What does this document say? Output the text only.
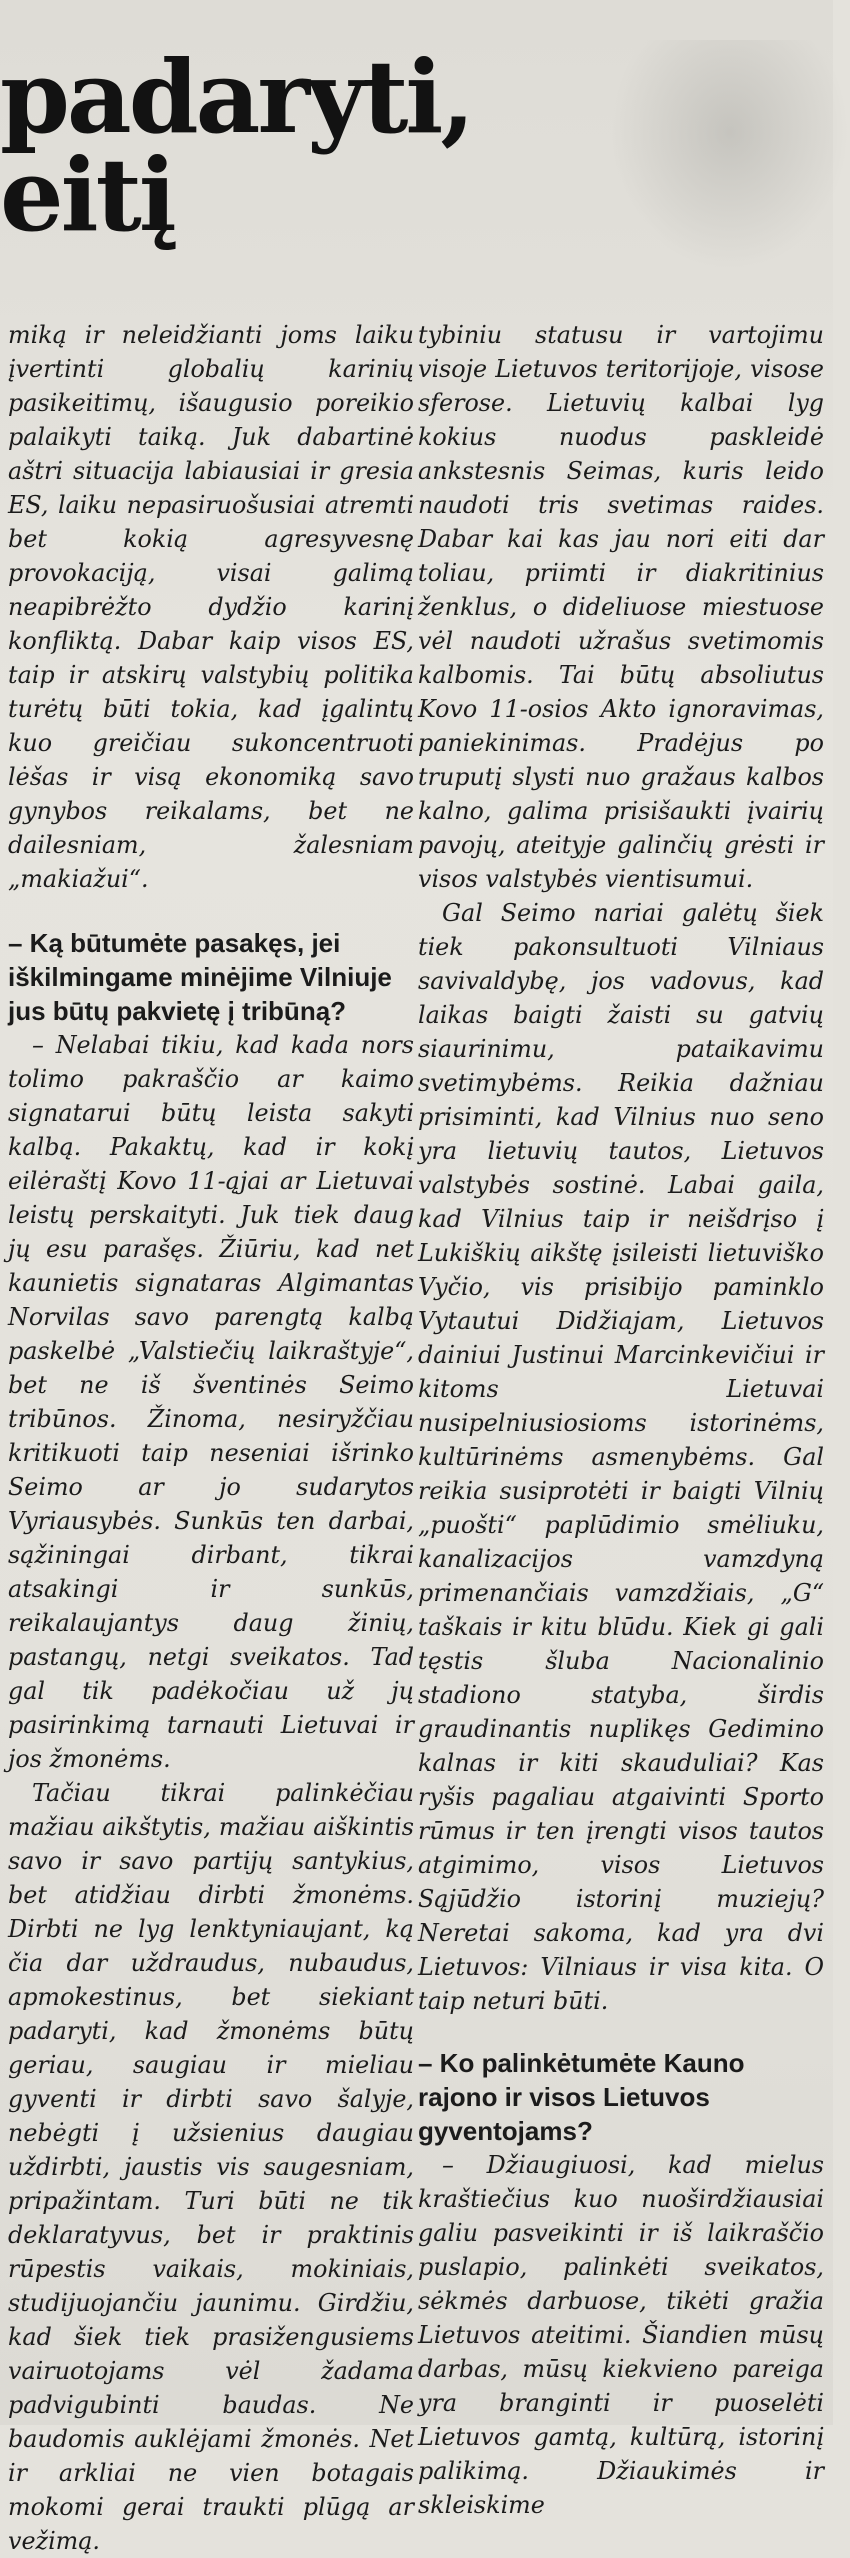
padaryti,
eitį

miką ir neleidžianti joms laiku įvertinti globalių karinių pasikeitimų, išaugusio poreikio palaikyti taiką. Juk dabartinė aštri situacija labiausiai ir gresia ES, laiku nepasiruošusiai atremti bet kokią agresyvesnę provokaciją, visai galimą neapibrėžto dydžio karinį konfliktą. Dabar kaip visos ES, taip ir atskirų valstybių politika turėtų būti tokia, kad įgalintų kuo greičiau sukoncentruoti lėšas ir visą ekonomiką savo gynybos reikalams, bet ne dailesniam, žalesniam „makiažui“.

– Ką būtumėte pasakęs, jei iškilmingame minėjime Vilniuje jus būtų pakvietę į tribūną?

– Nelabai tikiu, kad kada nors tolimo pakraščio ar kaimo signatarui būtų leista sakyti kalbą. Pakaktų, kad ir kokį eilėraštį Kovo 11-ąjai ar Lietuvai leistų perskaityti. Juk tiek daug jų esu parašęs. Žiūriu, kad net kaunietis signataras Algimantas Norvilas savo parengtą kalbą paskelbė „Valstiečių laikraštyje“, bet ne iš šventinės Seimo tribūnos. Žinoma, nesiryžčiau kritikuoti taip neseniai išrinko Seimo ar jo sudarytos Vyriausybės. Sunkūs ten darbai, sąžiningai dirbant, tikrai atsakingi ir sunkūs, reikalaujantys daug žinių, pastangų, netgi sveikatos. Tad gal tik padėkočiau už jų pasirinkimą tarnauti Lietuvai ir jos žmonėms.

Tačiau tikrai palinkėčiau mažiau aikštytis, mažiau aiškintis savo ir savo partijų santykius, bet atidžiau dirbti žmonėms. Dirbti ne lyg lenktyniaujant, ką čia dar uždraudus, nubaudus, apmokestinus, bet siekiant padaryti, kad žmonėms būtų geriau, saugiau ir mieliau gyventi ir dirbti savo šalyje, nebėgti į užsienius daugiau uždirbti, jaustis vis saugesniam, pripažintam. Turi būti ne tik deklaratyvus, bet ir praktinis rūpestis vaikais, mokiniais, studijuojančiu jaunimu. Girdžiu, kad šiek tiek prasižengusiems vairuotojams vėl žadama padvigubinti baudas. Ne baudomis auklėjami žmonės. Net ir arkliai ne vien botagais mokomi gerai traukti plūgą ar vežimą.

tybiniu statusu ir vartojimu visoje Lietuvos teritorijoje, visose sferose. Lietuvių kalbai lyg kokius nuodus paskleidė ankstesnis Seimas, kuris leido naudoti tris svetimas raides. Dabar kai kas jau nori eiti dar toliau, priimti ir diakritinius ženklus, o dideliuose miestuose vėl naudoti užrašus svetimomis kalbomis. Tai būtų absoliutus Kovo 11-osios Akto ignoravimas, paniekinimas. Pradėjus po truputį slysti nuo gražaus kalbos kalno, galima prisišaukti įvairių pavojų, ateityje galinčių grėsti ir visos valstybės vientisumui.

Gal Seimo nariai galėtų šiek tiek pakonsultuoti Vilniaus savivaldybę, jos vadovus, kad laikas baigti žaisti su gatvių siaurinimu, pataikavimu svetimybėms. Reikia dažniau prisiminti, kad Vilnius nuo seno yra lietuvių tautos, Lietuvos valstybės sostinė. Labai gaila, kad Vilnius taip ir neišdrįso į Lukiškių aikštę įsileisti lietuviško Vyčio, vis prisibijo paminklo Vytautui Didžiajam, Lietuvos dainiui Justinui Marcinkevičiui ir kitoms Lietuvai nusipelniusiosioms istorinėms, kultūrinėms asmenybėms. Gal reikia susiprotėti ir baigti Vilnių „puošti“ paplūdimio smėliuku, kanalizacijos vamzdyną primenančiais vamzdžiais, „G“ taškais ir kitu blūdu. Kiek gi gali tęstis šluba Nacionalinio stadiono statyba, širdis graudinantis nuplikęs Gedimino kalnas ir kiti skauduliai? Kas ryšis pagaliau atgaivinti Sporto rūmus ir ten įrengti visos tautos atgimimo, visos Lietuvos Sąjūdžio istorinį muziejų? Neretai sakoma, kad yra dvi Lietuvos: Vilniaus ir visa kita. O taip neturi būti.

– Ko palinkėtumėte Kauno rajono ir visos Lietuvos gyventojams?

– Džiaugiuosi, kad mielus kraštiečius kuo nuoširdžiausiai galiu pasveikinti ir iš laikraščio puslapio, palinkėti sveikatos, sėkmės darbuose, tikėti gražia Lietuvos ateitimi. Šiandien mūsų darbas, mūsų kiekvieno pareiga yra branginti ir puoselėti Lietuvos gamtą, kultūrą, istorinį palikimą. Džiaukimės ir skleiskime
